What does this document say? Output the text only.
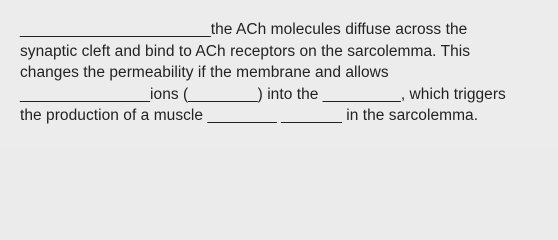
______________________the ACh molecules diffuse across the
synaptic cleft and bind to ACh receptors on the sarcolemma. This
changes the permeability if the membrane and allows
_______________ions (________) into the _________, which triggers
the production of a muscle ________ _______ in the sarcolemma.
